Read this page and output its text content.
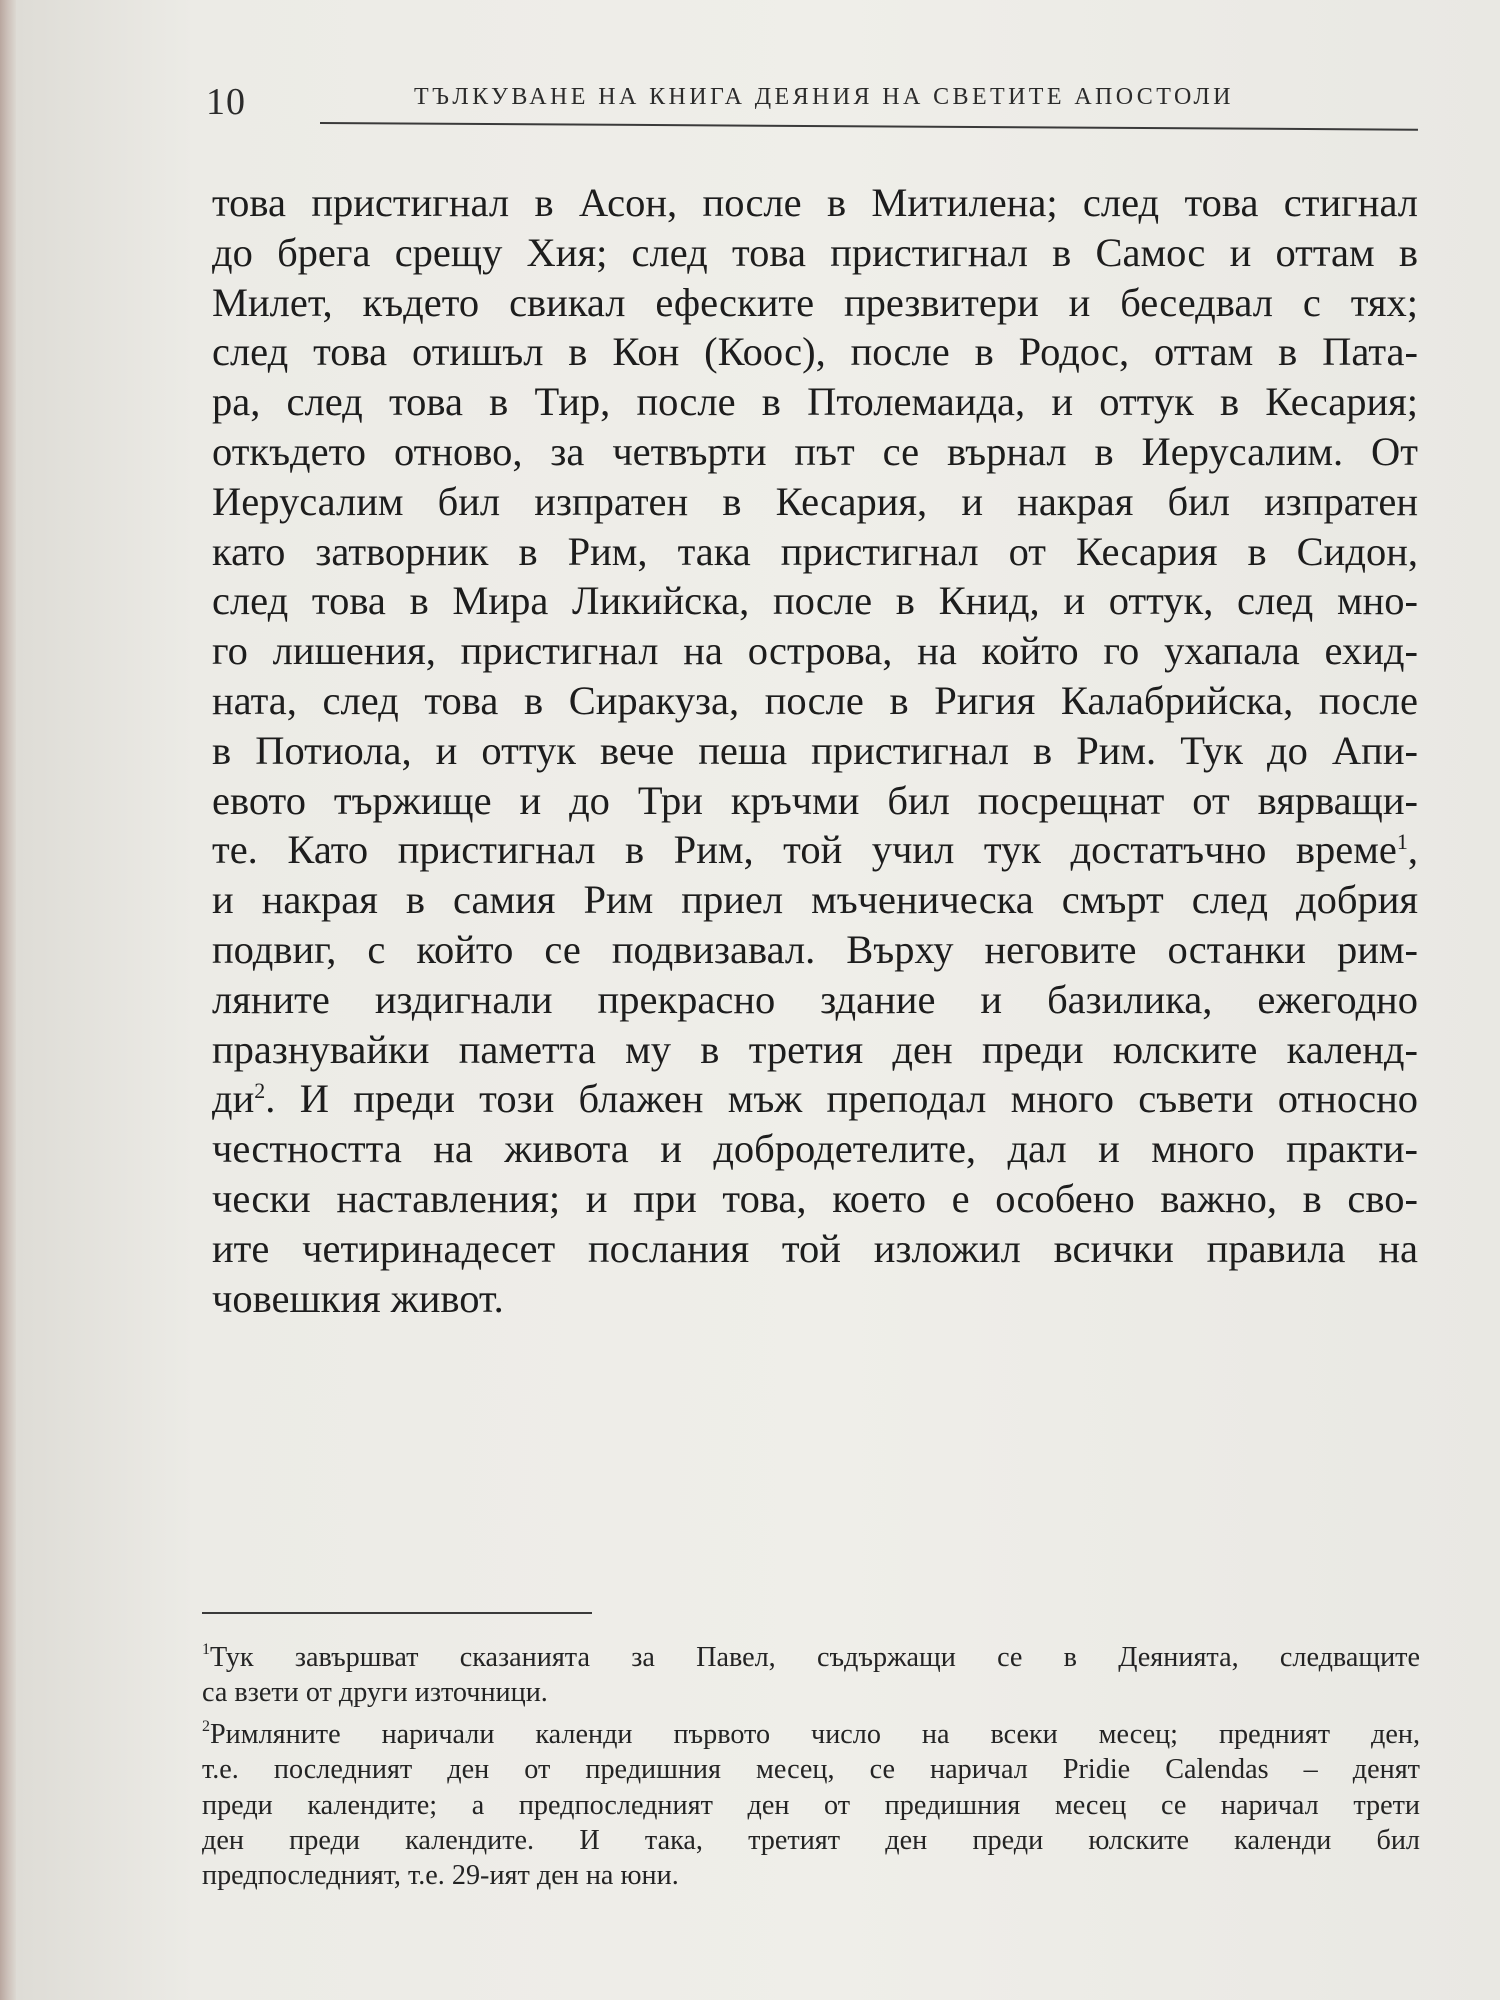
10	ТЪЛКУВАНЕ НА КНИГА ДЕЯНИЯ НА СВЕТИТЕ АПОСТОЛИ
това пристигнал в Асон, после в Митилена; след това стигнал
до брега срещу Хия; след това пристигнал в Самос и оттам в
Милет, където свикал ефеските презвитери и беседвал с тях;
след това отишъл в Кон (Коос), после в Родос, оттам в Пата-
ра, след това в Тир, после в Птолемаида, и оттук в Кесария;
откъдето отново, за четвърти път се върнал в Иерусалим. От
Иерусалим бил изпратен в Кесария, и накрая бил изпратен
като затворник в Рим, така пристигнал от Кесария в Сидон,
след това в Мира Ликийска, после в Книд, и оттук, след мно-
го лишения, пристигнал на острова, на който го ухапала ехид-
ната, след това в Сиракуза, после в Ригия Калабрийска, после
в Потиола, и оттук вече пеша пристигнал в Рим. Тук до Апи-
евото тържище и до Три кръчми бил посрещнат от вярващи-
те. Като пристигнал в Рим, той учил тук достатъчно време$^1$,
и накрая в самия Рим приел мъченическа смърт след добрия
подвиг, с който се подвизавал. Върху неговите останки рим-
ляните издигнали прекрасно здание и базилика, ежегодно
празнувайки паметта му в третия ден преди юлските календ-
$ди^2$. И преди този блажен мъж преподал много съвети относно
честността на живота и добродетелите, дал и много практи-
чески наставления; и при това, което е особено важно, в сво-
ите четиринадесет послания той изложил всички правила на
човешкия живот.
$^1$Тук завършват сказанията за Павел, съдържащи се в Деянията, следващите
са взети от други източници.
$^2$Римляните наричали календи първото число на всеки месец; предният ден,
т.е. последният ден от предишния месец, се наричал Pridie Calendas – денят
преди календите; а предпоследният ден от предишния месец се наричал трети
ден преди календите. И така, третият ден преди юлските календи бил
предпоследният, т.е. 29-ият ден на юни.
